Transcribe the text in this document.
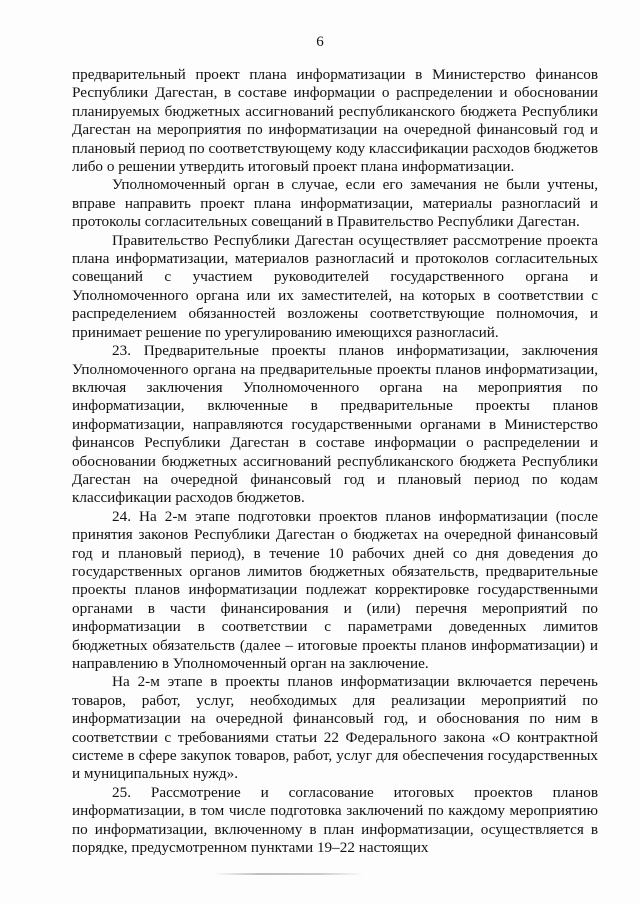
6

предварительный проект плана информатизации в Министерство финансов Республики Дагестан, в составе информации о распределении и обосновании планируемых бюджетных ассигнований республиканского бюджета Республики Дагестан на мероприятия по информатизации на очередной финансовый год и плановый период по соответствующему коду классификации расходов бюджетов либо о решении утвердить итоговый проект плана информатизации.

Уполномоченный орган в случае, если его замечания не были учтены, вправе направить проект плана информатизации, материалы разногласий и протоколы согласительных совещаний в Правительство Республики Дагестан.

Правительство Республики Дагестан осуществляет рассмотрение проекта плана информатизации, материалов разногласий и протоколов согласительных совещаний с участием руководителей государственного органа и Уполномоченного органа или их заместителей, на которых в соответствии с распределением обязанностей возложены соответствующие полномочия, и принимает решение по урегулированию имеющихся разногласий.

23. Предварительные проекты планов информатизации, заключения Уполномоченного органа на предварительные проекты планов информатизации, включая заключения Уполномоченного органа на мероприятия по информатизации, включенные в предварительные проекты планов информатизации, направляются государственными органами в Министерство финансов Республики Дагестан в составе информации о распределении и обосновании бюджетных ассигнований республиканского бюджета Республики Дагестан на очередной финансовый год и плановый период по кодам классификации расходов бюджетов.

24. На 2-м этапе подготовки проектов планов информатизации (после принятия законов Республики Дагестан о бюджетах на очередной финансовый год и плановый период), в течение 10 рабочих дней со дня доведения до государственных органов лимитов бюджетных обязательств, предварительные проекты планов информатизации подлежат корректировке государственными органами в части финансирования и (или) перечня мероприятий по информатизации в соответствии с параметрами доведенных лимитов бюджетных обязательств (далее – итоговые проекты планов информатизации) и направлению в Уполномоченный орган на заключение.

На 2-м этапе в проекты планов информатизации включается перечень товаров, работ, услуг, необходимых для реализации мероприятий по информатизации на очередной финансовый год, и обоснования по ним в соответствии с требованиями статьи 22 Федерального закона «О контрактной системе в сфере закупок товаров, работ, услуг для обеспечения государственных и муниципальных нужд».

25. Рассмотрение и согласование итоговых проектов планов информатизации, в том числе подготовка заключений по каждому мероприятию по информатизации, включенному в план информатизации, осуществляется в порядке, предусмотренном пунктами 19–22 настоящих
